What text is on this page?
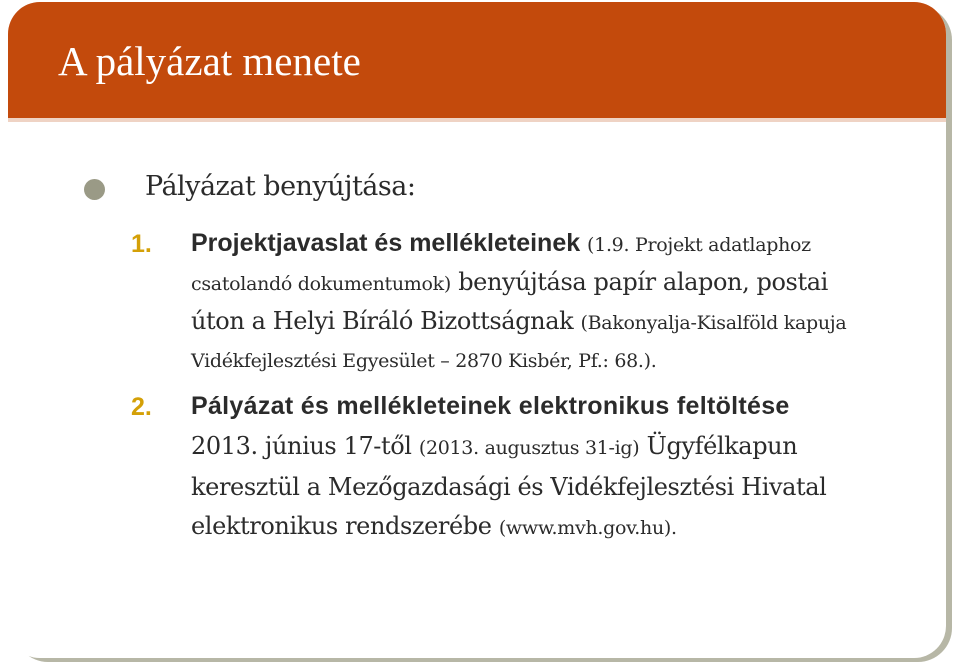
A pályázat menete
Pályázat benyújtása:
1. Projektjavaslat és mellékleteinek (1.9. Projekt adatlaphoz
csatolandó dokumentumok) benyújtása papír alapon, postai
úton a Helyi Bíráló Bizottságnak (Bakonyalja-Kisalföld kapuja
Vidékfejlesztési Egyesület – 2870 Kisbér, Pf.: 68.).
2. Pályázat és mellékleteinek elektronikus feltöltése
2013. június 17-től (2013. augusztus 31-ig) Ügyfélkapun
keresztül a Mezőgazdasági és Vidékfejlesztési Hivatal
elektronikus rendszerébe (www.mvh.gov.hu).
